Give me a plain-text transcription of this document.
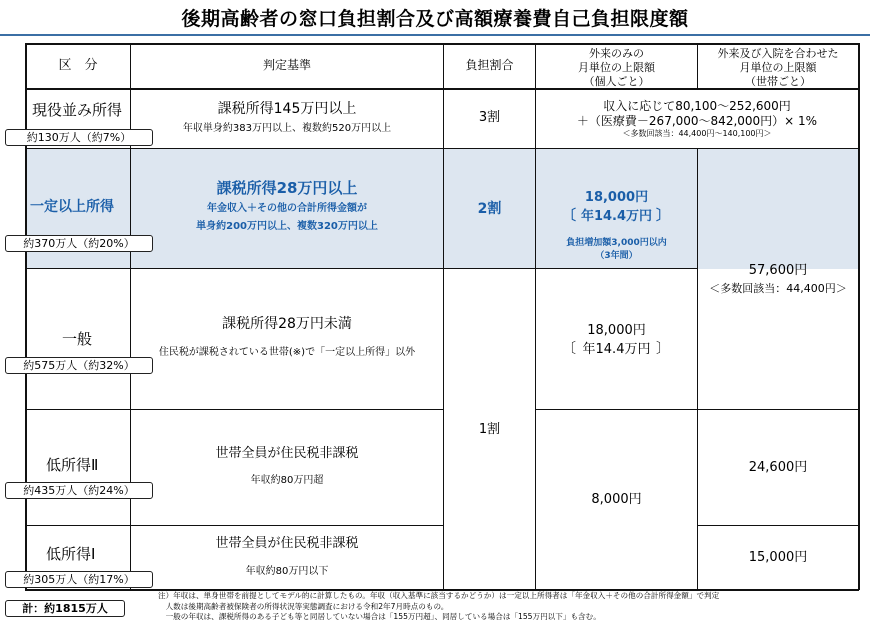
後期高齢者の窓口負担割合及び高額療養費自己負担限度額
区　分	判定基準	負担割合
外来のみの
月単位の上限額
（個人ごと）
外来及び入院を合わせた
月単位の上限額
（世帯ごと）
現役並み所得
約130万人（約7%）
課税所得145万円以上
年収単身約383万円以上、複数約520万円以上
3割
収入に応じて80,100～252,600円
＋（医療費－267,000～842,000円）× 1%
＜多数回該当：44,400円～140,100円＞
一定以上所得
約370万人（約20%）
課税所得28万円以上
年金収入＋その他の合計所得金額が
単身約200万円以上、複数320万円以上
2割
18,000円
〔 年14.4万円 〕
負担増加額3,000円以内
（3年間）
57,600円
＜多数回該当：44,400円＞
一般
約575万人（約32%）
課税所得28万円未満
住民税が課税されている世帯(※)で「一定以上所得」以外
18,000円
〔 年14.4万円 〕
1割
低所得Ⅱ
約435万人（約24%）
世帯全員が住民税非課税
年収約80万円超
24,600円
8,000円
低所得Ⅰ
約305万人（約17%）
世帯全員が住民税非課税
年収約80万円以下
15,000円
計：約1815万人
注）年収は、単身世帯を前提としてモデル的に計算したもの。年収（収入基準に該当するかどうか）は一定以上所得者は「年金収入＋その他の合計所得金額」で判定
　人数は後期高齢者被保険者の所得状況等実態調査における令和2年7月時点のもの。
　一般の年収は、課税所得のある子ども等と同居していない場合は「155万円超」、同居している場合は「155万円以下」も含む。
